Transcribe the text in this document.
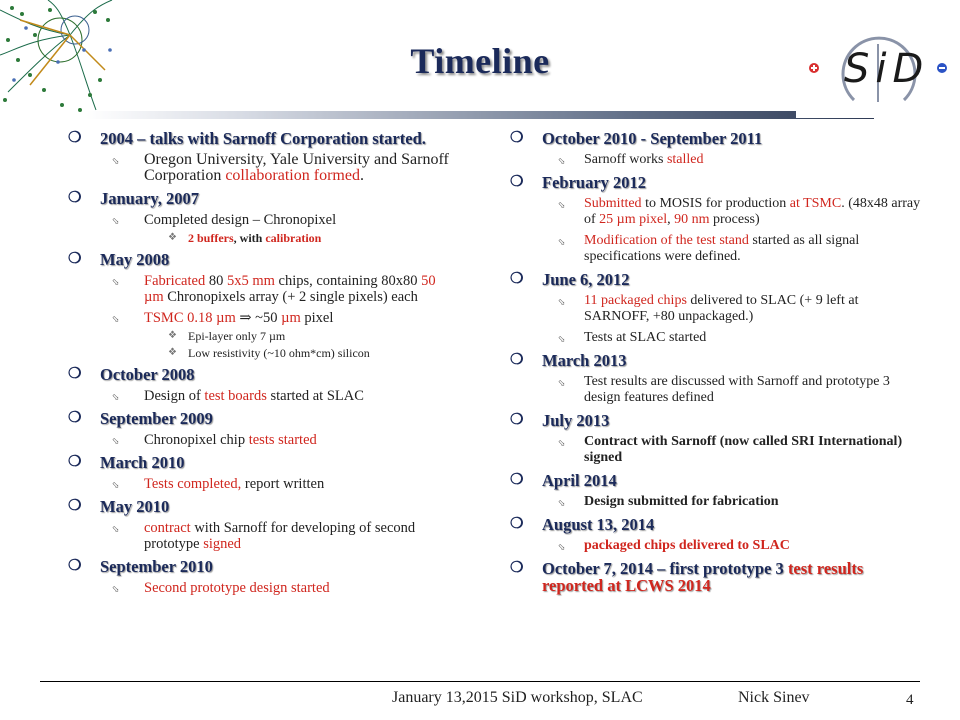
Timeline	SiD
❍	2004 – talks with Sarnoff Corporation started.
⬂ Oregon University, Yale University and Sarnoff Corporation collaboration formed.
❍	January, 2007
⬂ Completed design – Chronopixel
❖ 2 buffers, with calibration
❍	May 2008
⬂ Fabricated 80 5x5 mm chips, containing 80x80 50 µm Chronopixels array (+ 2 single pixels) each
⬂ TSMC 0.18 µm ⇒ ~50 µm pixel
❖ Epi-layer only 7 µm
❖ Low resistivity (~10 ohm*cm) silicon
❍	October 2008
⬂ Design of test boards started at SLAC
❍	September 2009
⬂ Chronopixel chip tests started
❍	March 2010
⬂ Tests completed, report written
❍	May 2010
⬂ contract with Sarnoff for developing of second prototype signed
❍	September 2010
⬂ Second prototype design started
❍	October 2010 - September 2011
⬂ Sarnoff works stalled
❍	February 2012
⬂ Submitted to MOSIS for production at TSMC. (48x48 array of 25 µm pixel, 90 nm process)
⬂ Modification of the test stand started as all signal specifications were defined.
❍	June 6, 2012
⬂ 11 packaged chips delivered to SLAC (+ 9 left at SARNOFF, +80 unpackaged.)
⬂ Tests at SLAC started
❍	March 2013
⬂ Test results are discussed with Sarnoff and prototype 3 design features defined
❍	July 2013
⬂ Contract with Sarnoff (now called SRI International) signed
❍	April 2014
⬂ Design submitted for fabrication
❍	August 13, 2014
⬂ packaged chips delivered to SLAC
❍	October 7, 2014 – first prototype 3 test results reported at LCWS 2014
January 13,2015 SiD workshop, SLAC	Nick Sinev	4
